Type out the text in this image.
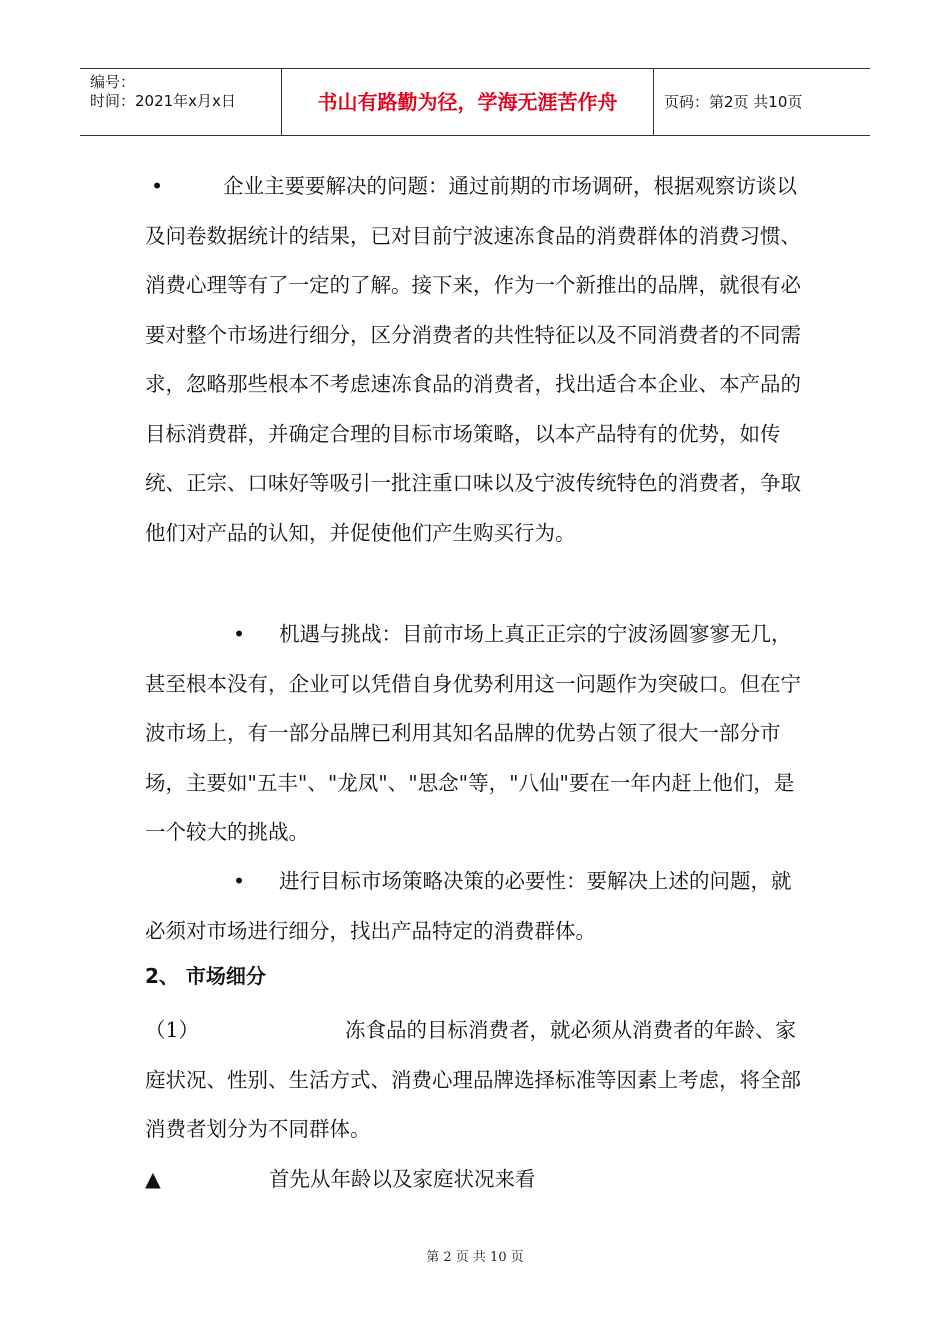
编号：
时间：2021年x月x日	书山有路勤为径，学海无涯苦作舟	页码：第2页 共10页

•	企业主要要解决的问题：通过前期的市场调研，根据观察访谈以及问卷数据统计的结果，已对目前宁波速冻食品的消费群体的消费习惯、消费心理等有了一定的了解。接下来，作为一个新推出的品牌，就很有必要对整个市场进行细分，区分消费者的共性特征以及不同消费者的不同需求，忽略那些根本不考虑速冻食品的消费者，找出适合本企业、本产品的目标消费群，并确定合理的目标市场策略，以本产品特有的优势，如传统、正宗、口味好等吸引一批注重口味以及宁波传统特色的消费者，争取他们对产品的认知，并促使他们产生购买行为。

• 机遇与挑战：目前市场上真正正宗的宁波汤圆寥寥无几，甚至根本没有，企业可以凭借自身优势利用这一问题作为突破口。但在宁波市场上，有一部分品牌已利用其知名品牌的优势占领了很大一部分市场，主要如"五丰"、"龙凤"、"思念"等，"八仙"要在一年内赶上他们，是一个较大的挑战。

• 进行目标市场策略决策的必要性：要解决上述的问题，就必须对市场进行细分，找出产品特定的消费群体。

2、 市场细分

（1）	冻食品的目标消费者，就必须从消费者的年龄、家庭状况、性别、生活方式、消费心理品牌选择标准等因素上考虑，将全部消费者划分为不同群体。

▲	首先从年龄以及家庭状况来看

第 2 页 共 10 页
